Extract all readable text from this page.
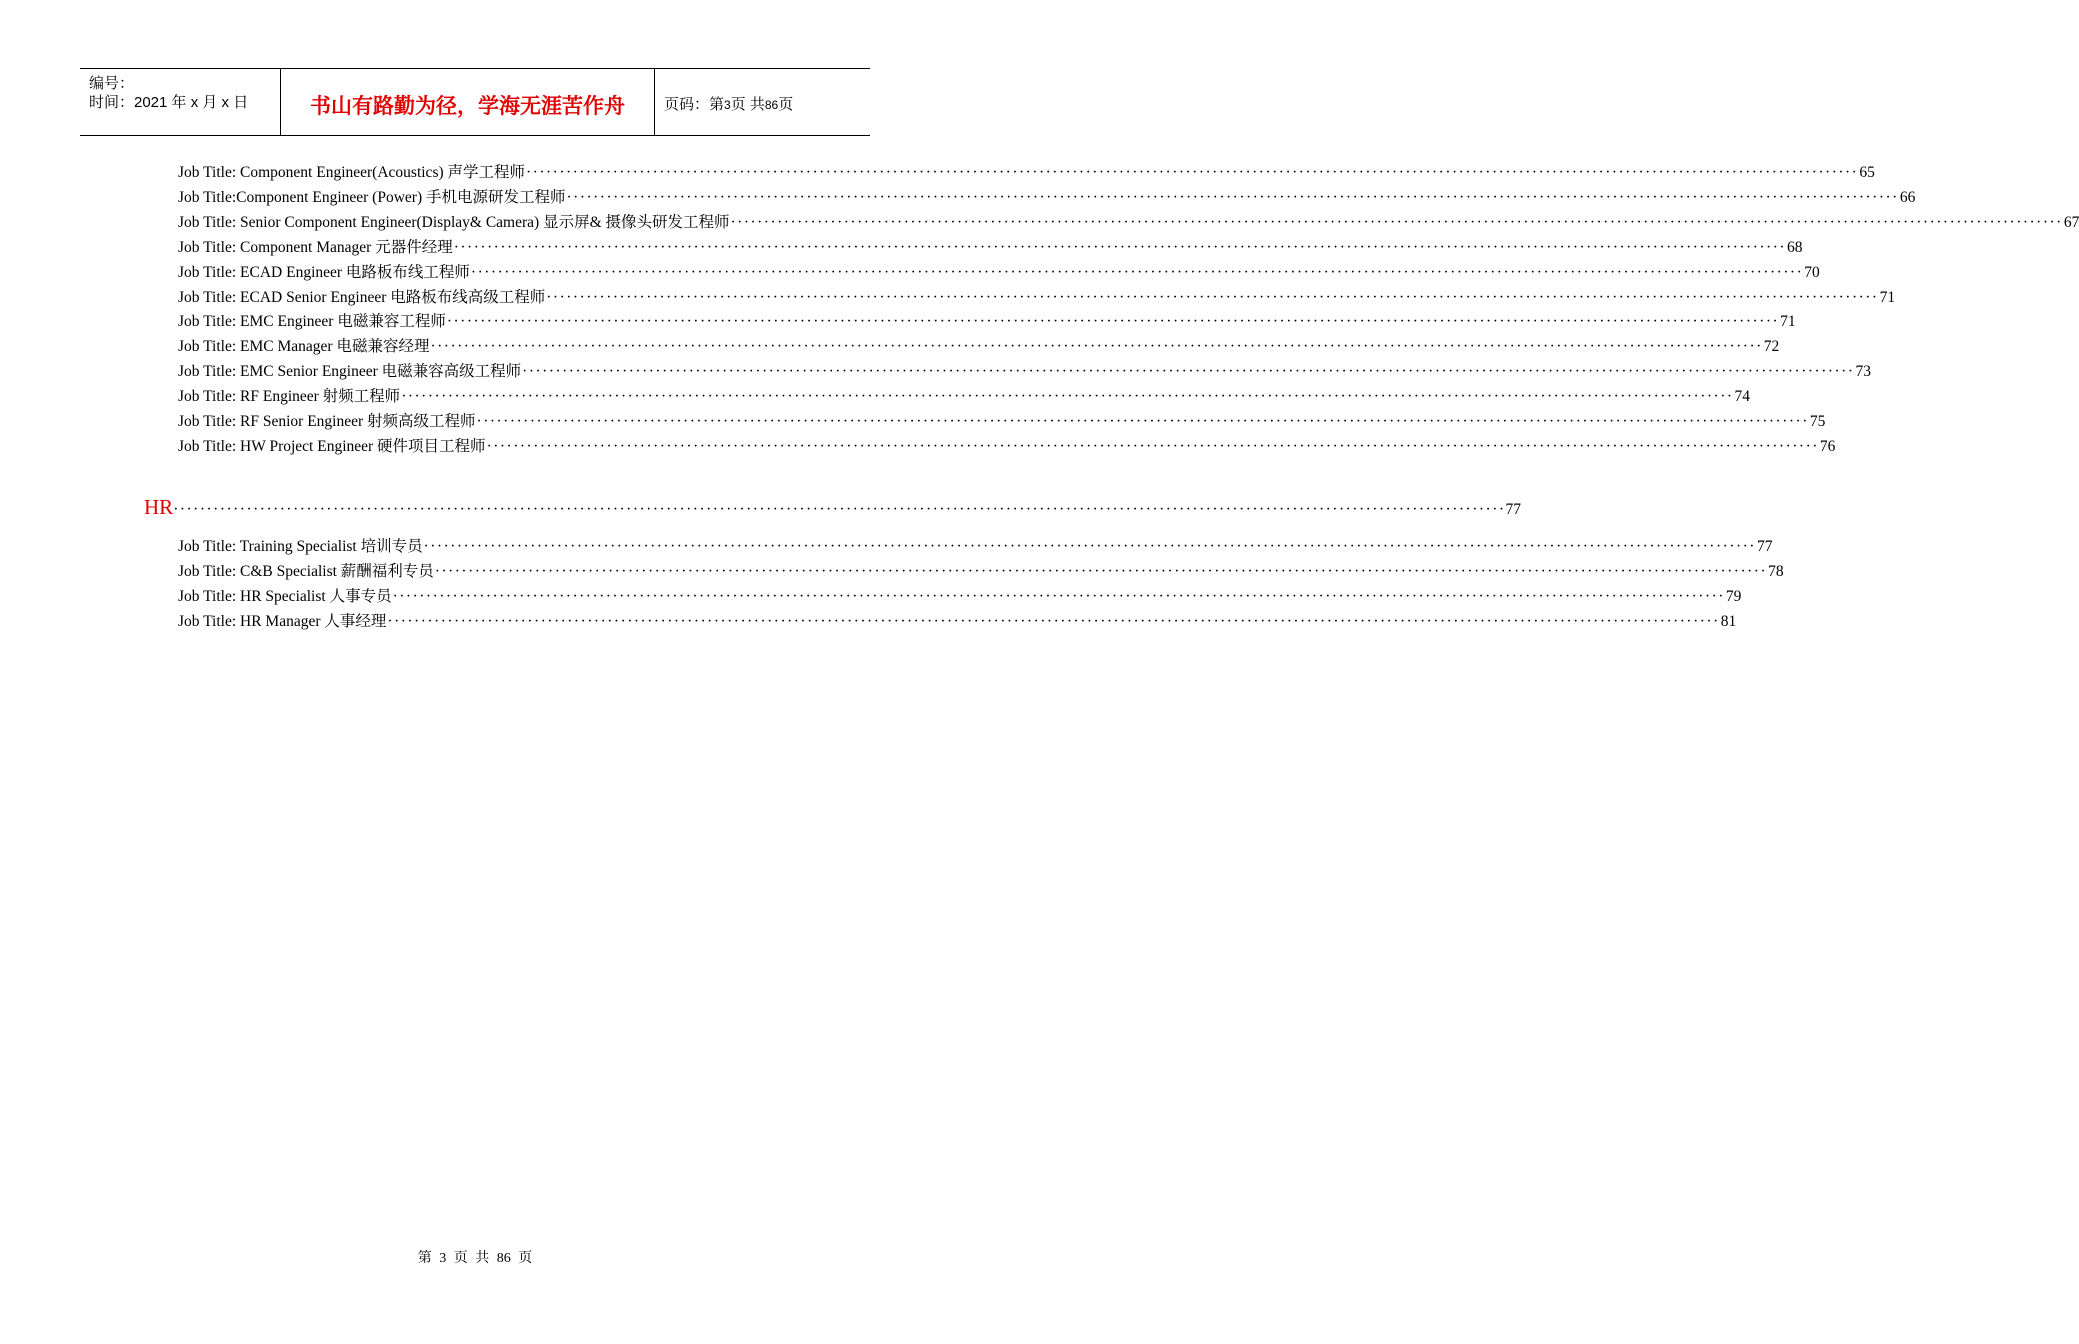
编号：
时间：2021 年 x 月 x 日	书山有路勤为径，学海无涯苦作舟	页码：第3页 共86页
Job Title: Component Engineer(Acoustics) 声学工程师 ········································································································································································································ 65
Job Title:Component Engineer (Power) 手机电源研发工程师 ········································································································································································································ 66
Job Title: Senior Component Engineer(Display& Camera) 显示屏& 摄像头研发工程师 ········································································································································································································ 67
Job Title: Component Manager 元器件经理 ········································································································································································································ 68
Job Title: ECAD Engineer 电路板布线工程师 ········································································································································································································ 70
Job Title: ECAD Senior Engineer 电路板布线高级工程师 ········································································································································································································ 71
Job Title: EMC Engineer 电磁兼容工程师 ········································································································································································································ 71
Job Title: EMC Manager 电磁兼容经理 ········································································································································································································ 72
Job Title: EMC Senior Engineer 电磁兼容高级工程师 ········································································································································································································ 73
Job Title: RF Engineer 射频工程师 ········································································································································································································ 74
Job Title: RF Senior Engineer 射频高级工程师 ········································································································································································································ 75
Job Title: HW Project Engineer 硬件项目工程师 ········································································································································································································ 76
HR ········································································································································································································ 77
Job Title: Training Specialist 培训专员 ········································································································································································································ 77
Job Title: C&B Specialist 薪酬福利专员 ········································································································································································································ 78
Job Title: HR Specialist 人事专员 ········································································································································································································ 79
Job Title: HR Manager 人事经理 ········································································································································································································ 81
第 3 页 共 86 页
